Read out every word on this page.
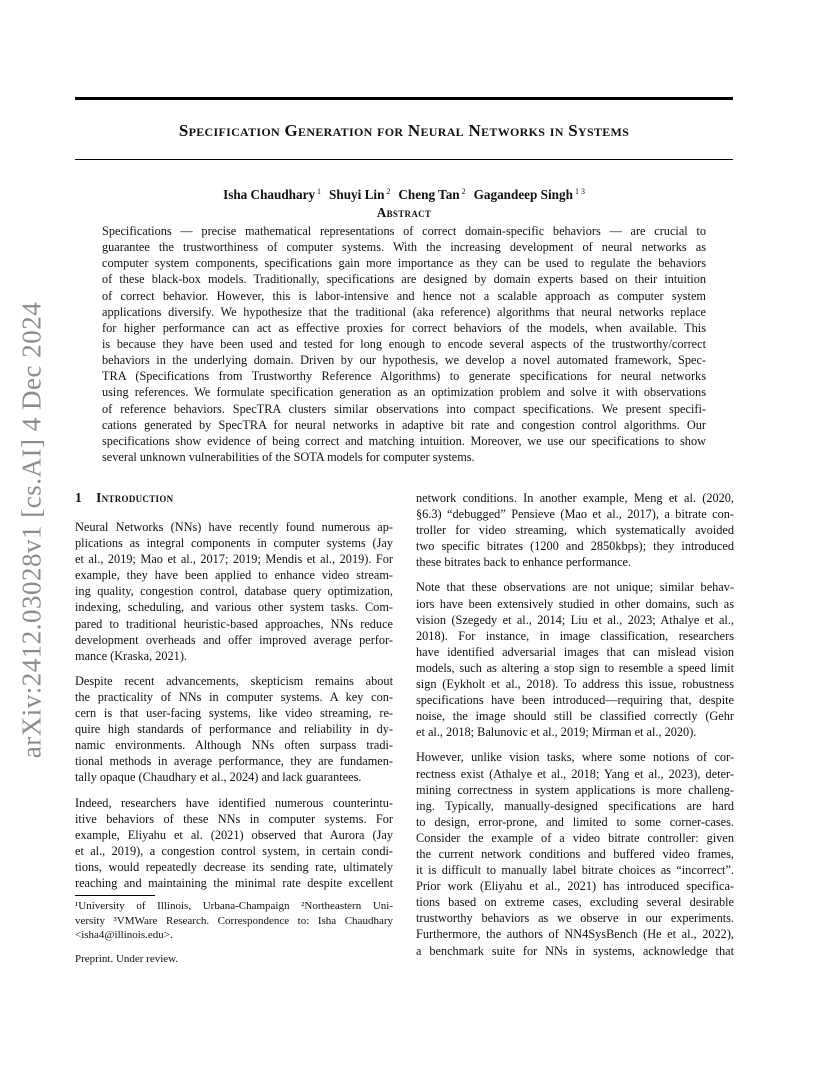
arXiv:2412.03028v1 [cs.AI] 4 Dec 2024
Specification Generation for Neural Networks in Systems
Isha Chaudhary $^1$ Shuyi Lin $^2$ Cheng Tan $^2$ Gagandeep Singh $^{1 3}$
Abstract
Specifications — precise mathematical representations of correct domain-specific behaviors — are crucial to
guarantee the trustworthiness of computer systems. With the increasing development of neural networks as
computer system components, specifications gain more importance as they can be used to regulate the behaviors
of these black-box models. Traditionally, specifications are designed by domain experts based on their intuition
of correct behavior. However, this is labor-intensive and hence not a scalable approach as computer system
applications diversify. We hypothesize that the traditional (aka reference) algorithms that neural networks replace
for higher performance can act as effective proxies for correct behaviors of the models, when available. This
is because they have been used and tested for long enough to encode several aspects of the trustworthy/correct
behaviors in the underlying domain. Driven by our hypothesis, we develop a novel automated framework, Spec-
TRA (Specifications from Trustworthy Reference Algorithms) to generate specifications for neural networks
using references. We formulate specification generation as an optimization problem and solve it with observations
of reference behaviors. SpecTRA clusters similar observations into compact specifications. We present specifi-
cations generated by SpecTRA for neural networks in adaptive bit rate and congestion control algorithms. Our
specifications show evidence of being correct and matching intuition. Moreover, we use our specifications to show
several unknown vulnerabilities of the SOTA models for computer systems.
1 Introduction
Neural Networks (NNs) have recently found numerous ap-
plications as integral components in computer systems (Jay
et al., 2019; Mao et al., 2017; 2019; Mendis et al., 2019). For
example, they have been applied to enhance video stream-
ing quality, congestion control, database query optimization,
indexing, scheduling, and various other system tasks. Com-
pared to traditional heuristic-based approaches, NNs reduce
development overheads and offer improved average perfor-
mance (Kraska, 2021).
Despite recent advancements, skepticism remains about
the practicality of NNs in computer systems. A key con-
cern is that user-facing systems, like video streaming, re-
quire high standards of performance and reliability in dy-
namic environments. Although NNs often surpass tradi-
tional methods in average performance, they are fundamen-
tally opaque (Chaudhary et al., 2024) and lack guarantees.
Indeed, researchers have identified numerous counterintu-
itive behaviors of these NNs in computer systems. For
example, Eliyahu et al. (2021) observed that Aurora (Jay
et al., 2019), a congestion control system, in certain condi-
tions, would repeatedly decrease its sending rate, ultimately
reaching and maintaining the minimal rate despite excellent
network conditions. In another example, Meng et al. (2020,
§6.3) “debugged” Pensieve (Mao et al., 2017), a bitrate con-
troller for video streaming, which systematically avoided
two specific bitrates (1200 and 2850kbps); they introduced
these bitrates back to enhance performance.
Note that these observations are not unique; similar behav-
iors have been extensively studied in other domains, such as
vision (Szegedy et al., 2014; Liu et al., 2023; Athalye et al.,
2018). For instance, in image classification, researchers
have identified adversarial images that can mislead vision
models, such as altering a stop sign to resemble a speed limit
sign (Eykholt et al., 2018). To address this issue, robustness
specifications have been introduced—requiring that, despite
noise, the image should still be classified correctly (Gehr
et al., 2018; Balunovic et al., 2019; Mirman et al., 2020).
However, unlike vision tasks, where some notions of cor-
rectness exist (Athalye et al., 2018; Yang et al., 2023), deter-
mining correctness in system applications is more challeng-
ing. Typically, manually-designed specifications are hard
to design, error-prone, and limited to some corner-cases.
Consider the example of a video bitrate controller: given
the current network conditions and buffered video frames,
it is difficult to manually label bitrate choices as “incorrect”.
Prior work (Eliyahu et al., 2021) has introduced specifica-
tions based on extreme cases, excluding several desirable
trustworthy behaviors as we observe in our experiments.
Furthermore, the authors of NN4SysBench (He et al., 2022),
a benchmark suite for NNs in systems, acknowledge that
¹University of Illinois, Urbana-Champaign ²Northeastern Uni-
versity ³VMWare Research. Correspondence to: Isha Chaudhary
<isha4@illinois.edu>.
Preprint. Under review.
